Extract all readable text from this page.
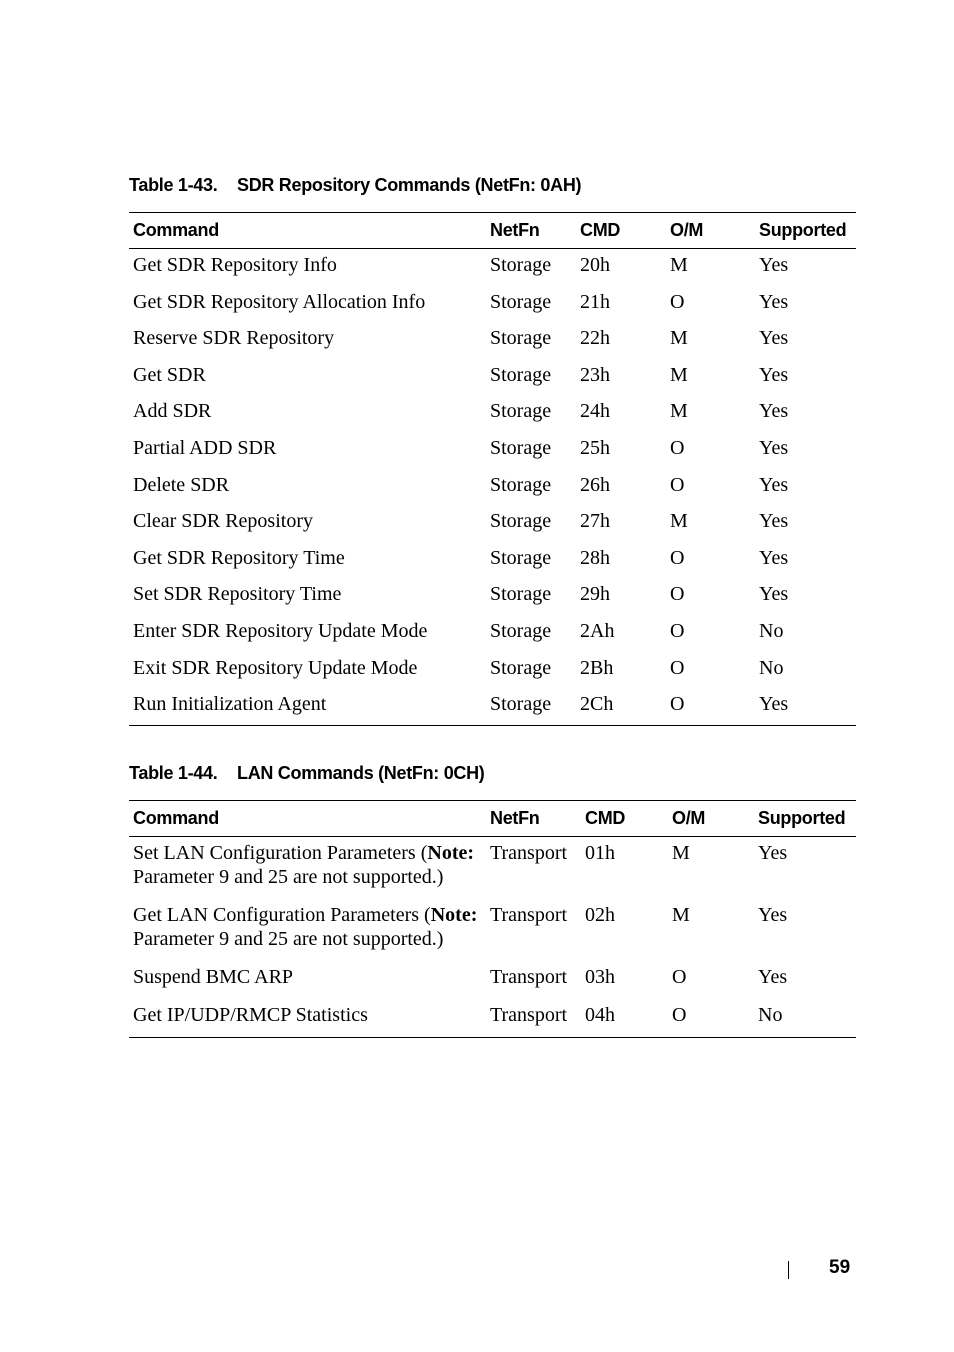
Table 1-43. SDR Repository Commands (NetFn: 0AH)
Command	NetFn	CMD	O/M	Supported
Get SDR Repository Info	Storage	20h	M	Yes
Get SDR Repository Allocation Info	Storage	21h	O	Yes
Reserve SDR Repository	Storage	22h	M	Yes
Get SDR	Storage	23h	M	Yes
Add SDR	Storage	24h	M	Yes
Partial ADD SDR	Storage	25h	O	Yes
Delete SDR	Storage	26h	O	Yes
Clear SDR Repository	Storage	27h	M	Yes
Get SDR Repository Time	Storage	28h	O	Yes
Set SDR Repository Time	Storage	29h	O	Yes
Enter SDR Repository Update Mode	Storage	2Ah	O	No
Exit SDR Repository Update Mode	Storage	2Bh	O	No
Run Initialization Agent	Storage	2Ch	O	Yes
Table 1-44. LAN Commands (NetFn: 0CH)
Command	NetFn	CMD	O/M	Supported
Set LAN Configuration Parameters (Note: Parameter 9 and 25 are not supported.)	Transport	01h	M	Yes
Get LAN Configuration Parameters (Note: Parameter 9 and 25 are not supported.)	Transport	02h	M	Yes
Suspend BMC ARP	Transport	03h	O	Yes
Get IP/UDP/RMCP Statistics	Transport	04h	O	No
59
